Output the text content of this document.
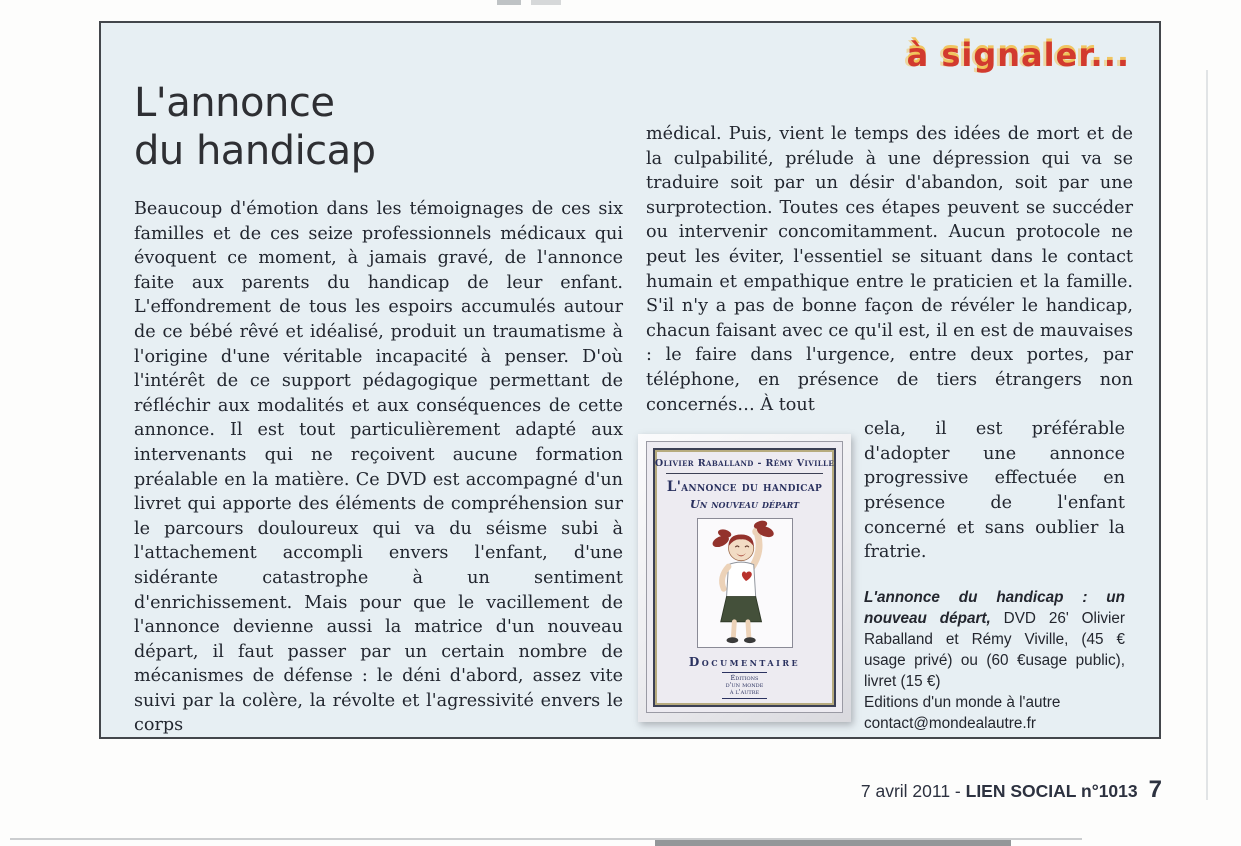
à signaler...
L'annonce
du handicap
Beaucoup d'émotion dans les témoignages de ces six familles et de ces seize professionnels médicaux qui évoquent ce moment, à jamais gravé, de l'annonce faite aux parents du handicap de leur enfant. L'effondrement de tous les espoirs accumulés autour de ce bébé rêvé et idéalisé, produit un traumatisme à l'origine d'une véritable incapacité à penser. D'où l'intérêt de ce support pédagogique permettant de réfléchir aux modalités et aux conséquences de cette annonce. Il est tout particulièrement adapté aux intervenants qui ne reçoivent aucune formation préalable en la matière. Ce DVD est accompagné d'un livret qui apporte des éléments de compréhension sur le parcours douloureux qui va du séisme subi à l'attachement accompli envers l'enfant, d'une sidérante catastrophe à un sentiment d'enrichissement. Mais pour que le vacillement de l'annonce devienne aussi la matrice d'un nouveau départ, il faut passer par un certain nombre de mécanismes de défense : le déni d'abord, assez vite suivi par la colère, la révolte et l'agressivité envers le corps

médical. Puis, vient le temps des idées de mort et de la culpabilité, prélude à une dépression qui va se traduire soit par un désir d'abandon, soit par une surprotection. Toutes ces étapes peuvent se succéder ou intervenir concomitamment. Aucun protocole ne peut les éviter, l'essentiel se situant dans le contact humain et empathique entre le praticien et la famille. S'il n'y a pas de bonne façon de révéler le handicap, chacun faisant avec ce qu'il est, il en est de mauvaises : le faire dans l'urgence, entre deux portes, par téléphone, en présence de tiers étrangers non concernés… À tout

Olivier Raballand - Rémy Viville
L'annonce du handicap
Un nouveau départ
Documentaire
Éditions
d'un monde
à l'autre

cela, il est préférable d'adopter une annonce progressive effectuée en présence de l'enfant concerné et sans oublier la fratrie.

L'annonce du handicap : un nouveau départ, DVD 26' Olivier Raballand et Rémy Viville, (45 € usage privé) ou (60 €usage public), livret (15 €)

Editions d'un monde à l'autre

contact@mondealautre.fr

7 avril 2011 - LIEN SOCIAL n°1013 7
